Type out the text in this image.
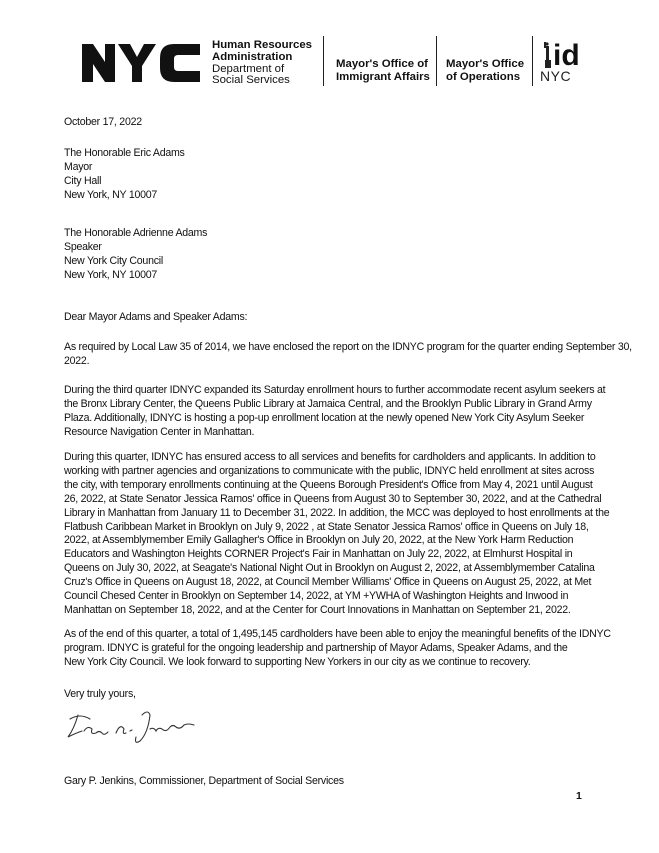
Human Resources
Administration
Department of
Social Services
Mayor's Office of
Immigrant Affairs
Mayor's Office
of Operations
id
NYC
October 17, 2022
The Honorable Eric Adams
Mayor
City Hall
New York, NY 10007
The Honorable Adrienne Adams
Speaker
New York City Council
New York, NY 10007
Dear Mayor Adams and Speaker Adams:
As required by Local Law 35 of 2014, we have enclosed the report on the IDNYC program for the quarter ending September 30,
2022.
During the third quarter IDNYC expanded its Saturday enrollment hours to further accommodate recent asylum seekers at
the Bronx Library Center, the Queens Public Library at Jamaica Central, and the Brooklyn Public Library in Grand Army
Plaza. Additionally, IDNYC is hosting a pop-up enrollment location at the newly opened New York City Asylum Seeker
Resource Navigation Center in Manhattan.
During this quarter, IDNYC has ensured access to all services and benefits for cardholders and applicants. In addition to
working with partner agencies and organizations to communicate with the public, IDNYC held enrollment at sites across
the city, with temporary enrollments continuing at the Queens Borough President's Office from May 4, 2021 until August
26, 2022, at State Senator Jessica Ramos' office in Queens from August 30 to September 30, 2022, and at the Cathedral
Library in Manhattan from January 11 to December 31, 2022. In addition, the MCC was deployed to host enrollments at the
Flatbush Caribbean Market in Brooklyn on July 9, 2022 , at State Senator Jessica Ramos' office in Queens on July 18,
2022, at Assemblymember Emily Gallagher's Office in Brooklyn on July 20, 2022, at the New York Harm Reduction
Educators and Washington Heights CORNER Project's Fair in Manhattan on July 22, 2022, at Elmhurst Hospital in
Queens on July 30, 2022, at Seagate's National Night Out in Brooklyn on August 2, 2022, at Assemblymember Catalina
Cruz's Office in Queens on August 18, 2022, at Council Member Williams' Office in Queens on August 25, 2022, at Met
Council Chesed Center in Brooklyn on September 14, 2022, at YM +YWHA of Washington Heights and Inwood in
Manhattan on September 18, 2022, and at the Center for Court Innovations in Manhattan on September 21, 2022.
As of the end of this quarter, a total of 1,495,145 cardholders have been able to enjoy the meaningful benefits of the IDNYC
program. IDNYC is grateful for the ongoing leadership and partnership of Mayor Adams, Speaker Adams, and the
New York City Council. We look forward to supporting New Yorkers in our city as we continue to recovery.
Very truly yours,
Gary P. Jenkins, Commissioner, Department of Social Services
1
